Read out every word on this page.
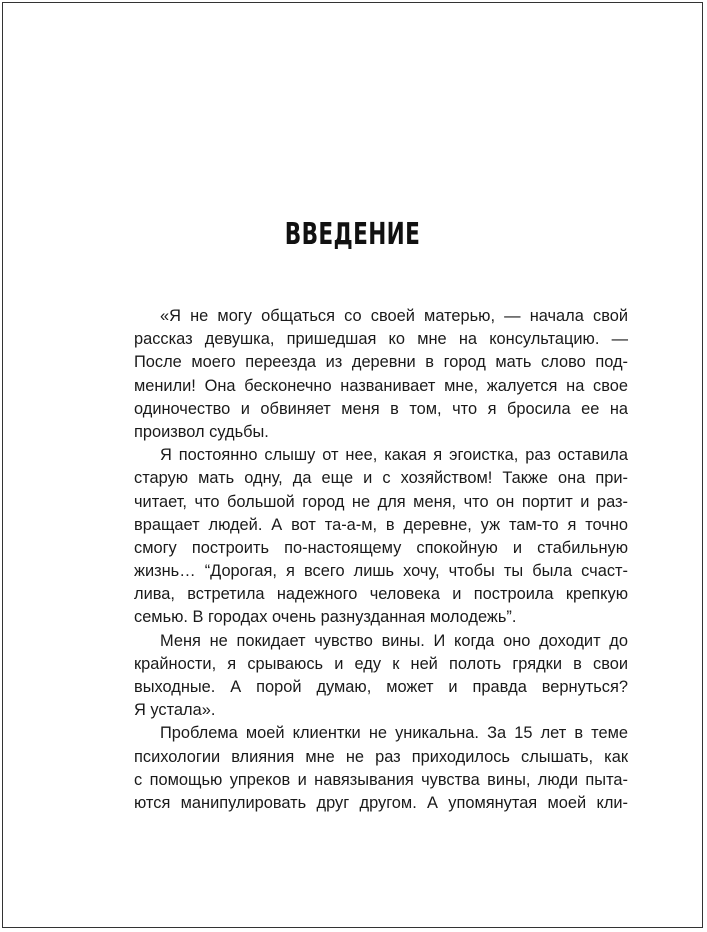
ВВЕДЕНИЕ
«Я не могу общаться со своей матерью, — начала свой
рассказ девушка, пришедшая ко мне на консультацию. —
После моего переезда из деревни в город мать слово под-
менили! Она бесконечно названивает мне, жалуется на свое
одиночество и обвиняет меня в том, что я бросила ее на
произвол судьбы.
Я постоянно слышу от нее, какая я эгоистка, раз оставила
старую мать одну, да еще и с хозяйством! Также она при-
читает, что большой город не для меня, что он портит и раз-
вращает людей. А вот та-а-м, в деревне, уж там-то я точно
смогу построить по-настоящему спокойную и стабильную
жизнь… “Дорогая, я всего лишь хочу, чтобы ты была счаст-
лива, встретила надежного человека и построила крепкую
семью. В городах очень разнузданная молодежь”.
Меня не покидает чувство вины. И когда оно доходит до
крайности, я срываюсь и еду к ней полоть грядки в свои
выходные. А порой думаю, может и правда вернуться?
Я устала».
Проблема моей клиентки не уникальна. За 15 лет в теме
психологии влияния мне не раз приходилось слышать, как
с помощью упреков и навязывания чувства вины, люди пыта-
ются манипулировать друг другом. А упомянутая моей кли-
